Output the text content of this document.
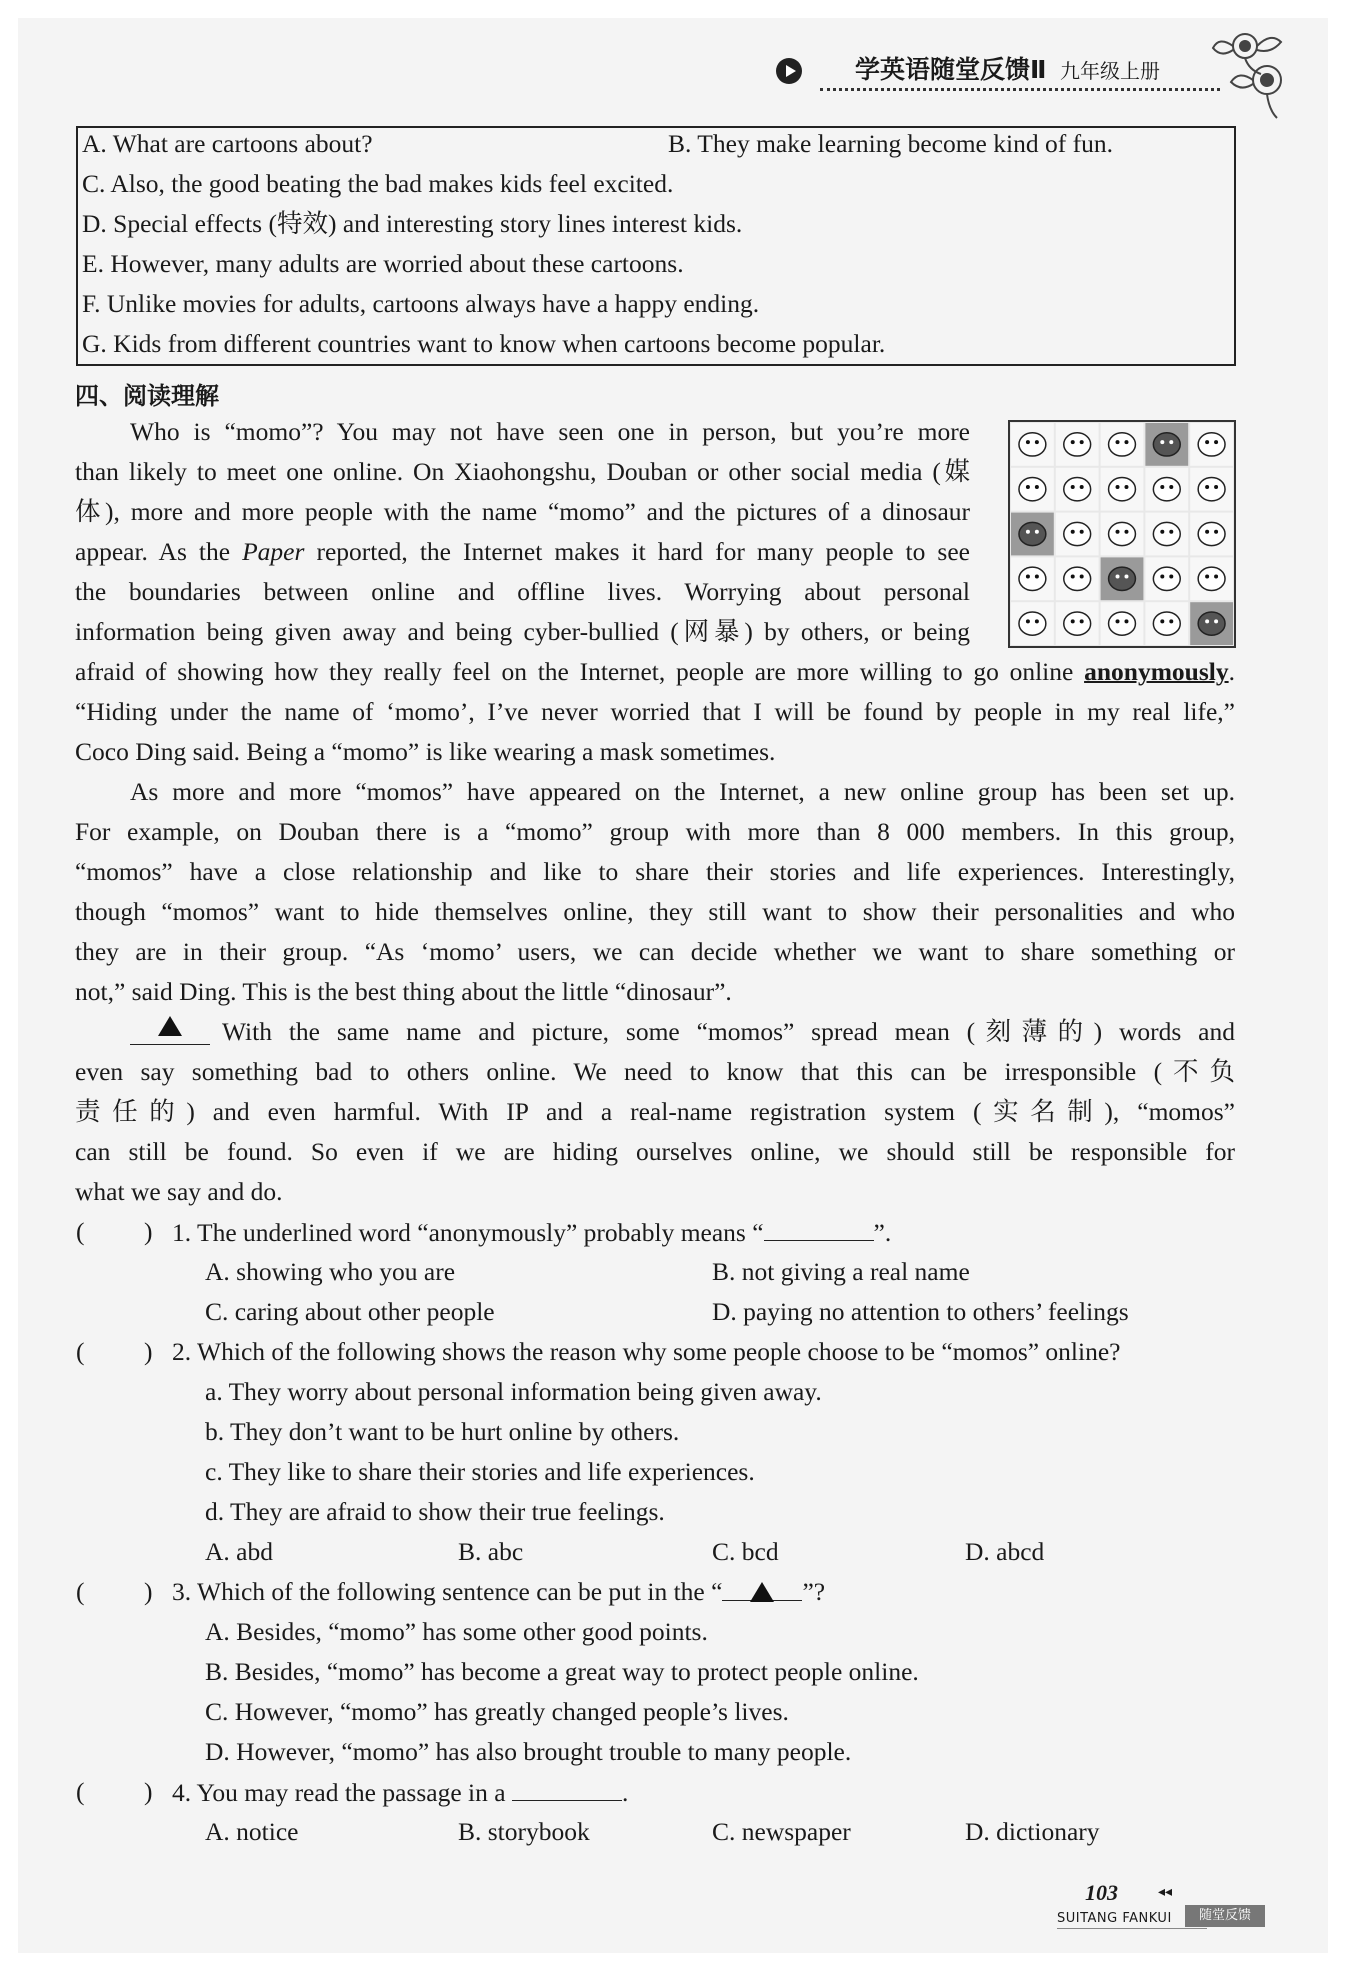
学英语随堂反馈Ⅱ 九年级上册
A. What are cartoons about?	B. They make learning become kind of fun.
C. Also, the good beating the bad makes kids feel excited.
D. Special effects (特效) and interesting story lines interest kids.
E. However, many adults are worried about these cartoons.
F. Unlike movies for adults, cartoons always have a happy ending.
G. Kids from different countries want to know when cartoons become popular.
四、阅读理解
Who is “momo”? You may not have seen one in person, but you’re more
than likely to meet one online. On Xiaohongshu, Douban or other social media (媒
体), more and more people with the name “momo” and the pictures of a dinosaur
appear. As the Paper reported, the Internet makes it hard for many people to see
the boundaries between online and offline lives. Worrying about personal
information being given away and being cyber-bullied (网暴) by others, or being
afraid of showing how they really feel on the Internet, people are more willing to go online anonymously.
“Hiding under the name of ‘momo’, I’ve never worried that I will be found by people in my real life,”
Coco Ding said. Being a “momo” is like wearing a mask sometimes.
As more and more “momos” have appeared on the Internet, a new online group has been set up.
For example, on Douban there is a “momo” group with more than 8 000 members. In this group,
“momos” have a close relationship and like to share their stories and life experiences. Interestingly,
though “momos” want to hide themselves online, they still want to show their personalities and who
they are in their group. “As ‘momo’ users, we can decide whether we want to share something or
not,” said Ding. This is the best thing about the little “dinosaur”.
With the same name and picture, some “momos” spread mean (刻薄的) words and
even say something bad to others online. We need to know that this can be irresponsible (不负
责任的) and even harmful. With IP and a real-name registration system (实名制), “momos”
can still be found. So even if we are hiding ourselves online, we should still be responsible for
what we say and do.
( ) 1. The underlined word “anonymously” probably means “	”.
A. showing who you are	B. not giving a real name
C. caring about other people	D. paying no attention to others’ feelings
( ) 2. Which of the following shows the reason why some people choose to be “momos” online?
a. They worry about personal information being given away.
b. They don’t want to be hurt online by others.
c. They like to share their stories and life experiences.
d. They are afraid to show their true feelings.
A. abd	B. abc	C. bcd	D. abcd
( ) 3. Which of the following sentence can be put in the “	”?
A. Besides, “momo” has some other good points.
B. Besides, “momo” has become a great way to protect people online.
C. However, “momo” has greatly changed people’s lives.
D. However, “momo” has also brought trouble to many people.
( ) 4. You may read the passage in a	.
A. notice	B. storybook	C. newspaper	D. dictionary
103	◂◂
SUITANG FANKUI	随堂反馈
